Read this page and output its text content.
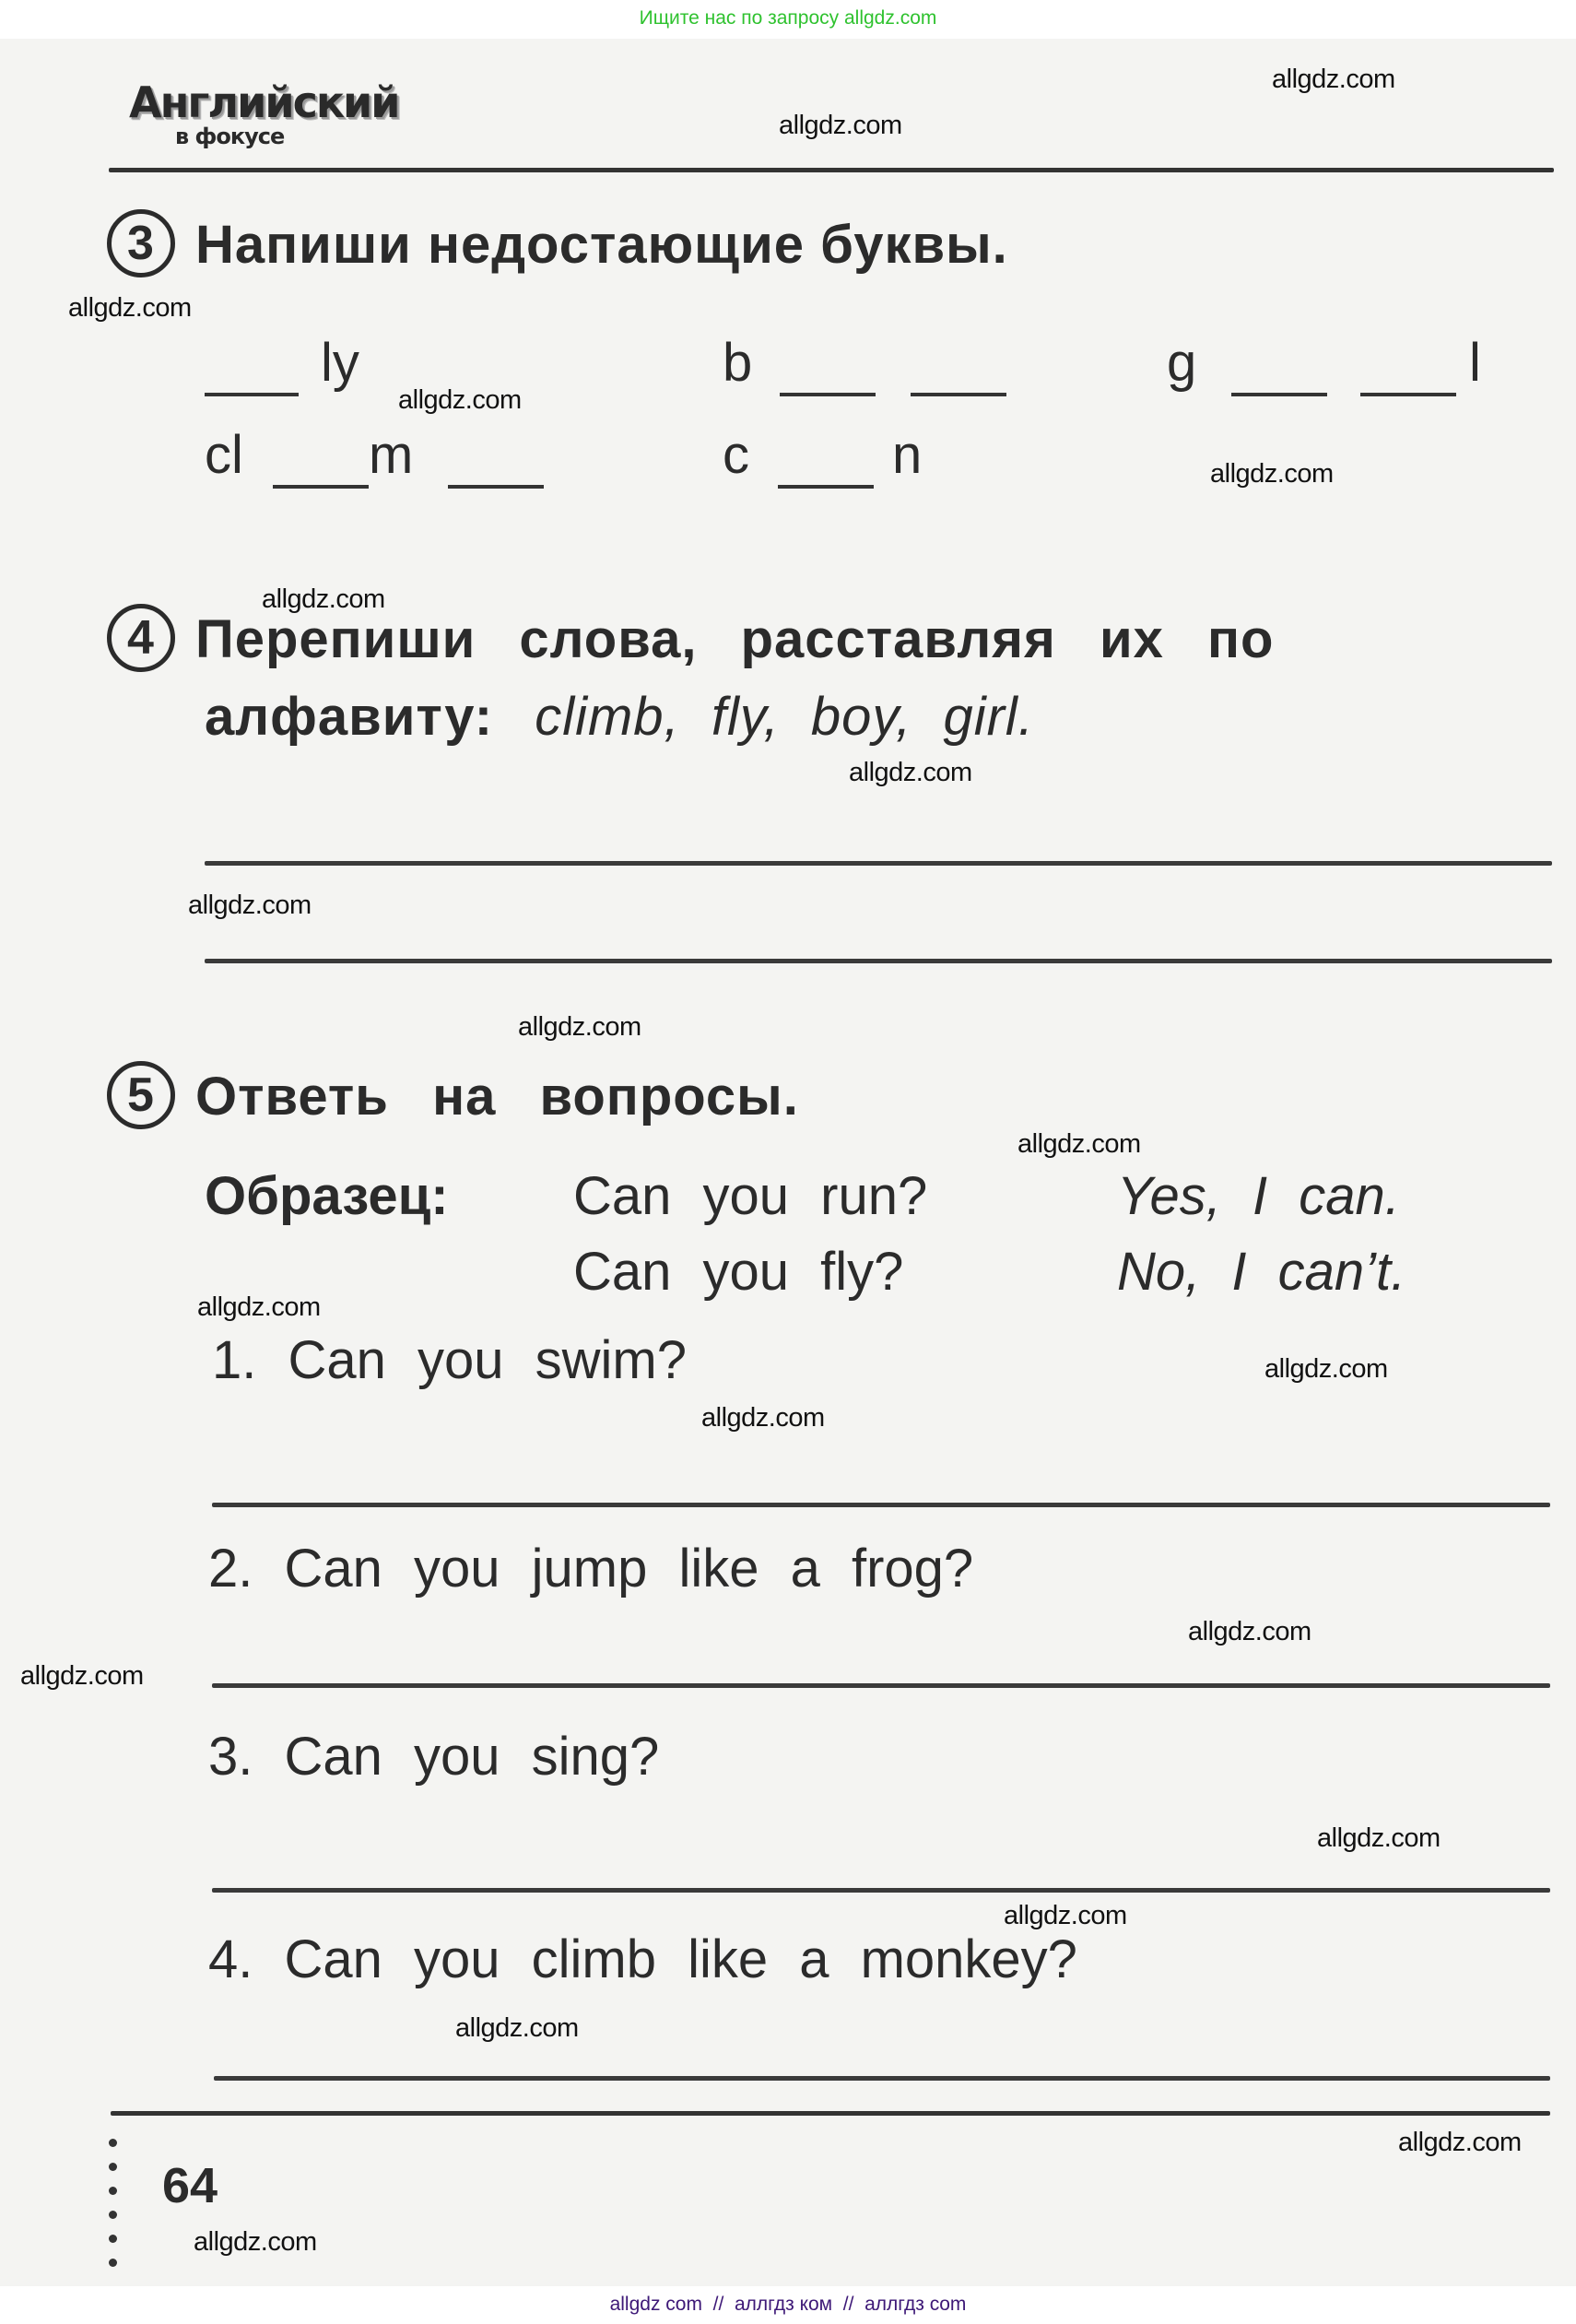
Ищите нас по запросу allgdz.com
Английский
в фокусе
3 Напиши недостающие буквы.
ly	b	g	l
cl m	c	n
4 Перепиши слова, расставляя их по
алфавиту: climb,  fly,  boy,  girl.
5 Ответь на вопросы.
Образец: Can you run?	Yes, I can.
Can you fly?	No, I can’t.
1. Can you swim?
2. Can you jump like a frog?
3. Can you sing?
4. Can you climb like a monkey?
64
allgdz.com
allgdz.com
allgdz.com
allgdz.com
allgdz.com
allgdz.com
allgdz.com
allgdz.com
allgdz.com
allgdz.com
allgdz.com
allgdz.com
allgdz.com
allgdz.com
allgdz.com
allgdz.com
allgdz.com
allgdz.com
allgdz.com
allgdz.com
allgdz com  //  аллгдз ком  //  аллгдз com
